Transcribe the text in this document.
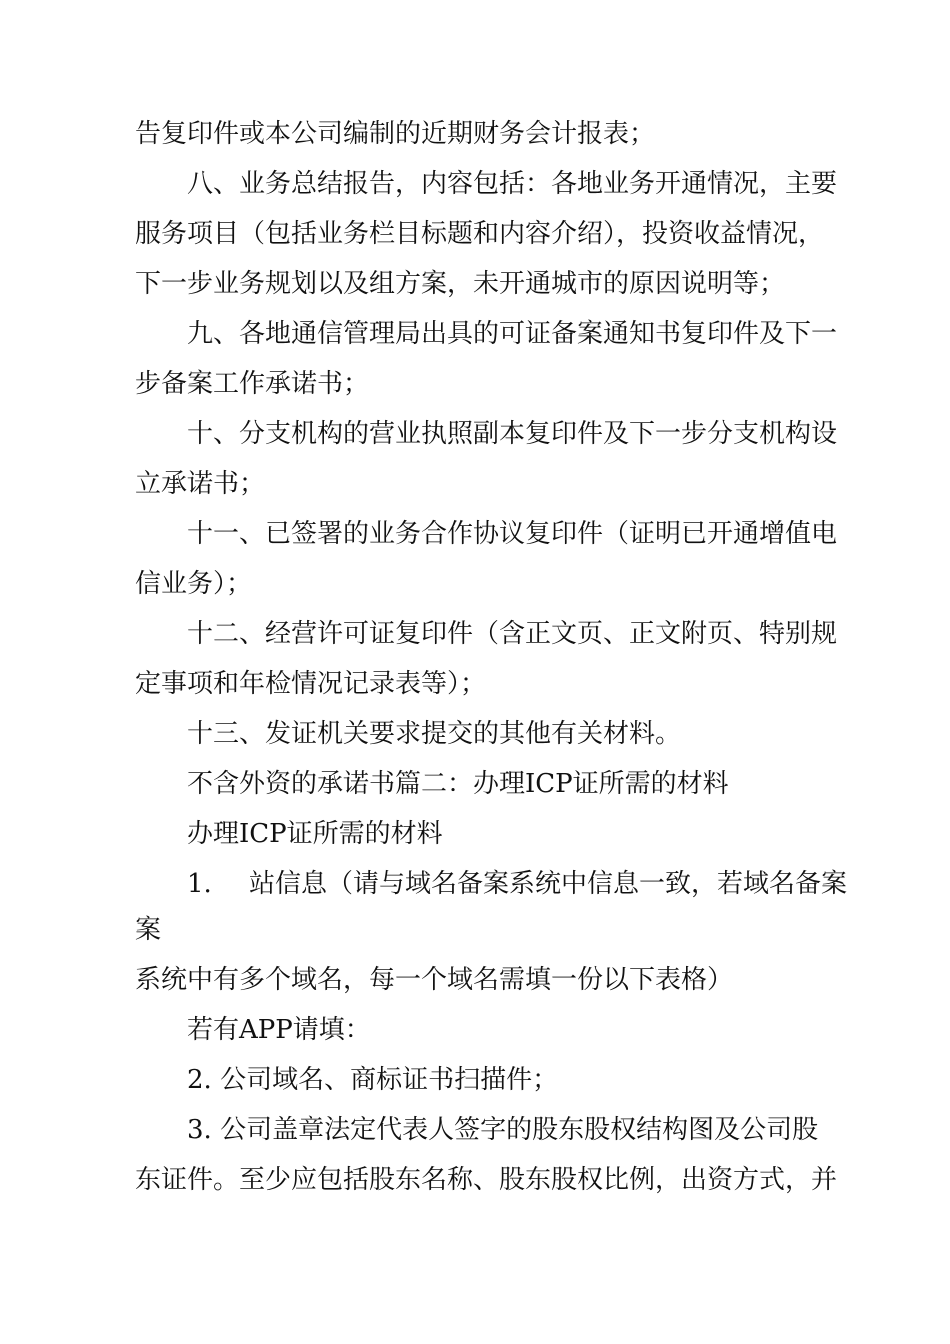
告复印件或本公司编制的近期财务会计报表；
八、业务总结报告，内容包括：各地业务开通情况，主要
服务项目（包括业务栏目标题和内容介绍），投资收益情况，
下一步业务规划以及组方案，未开通城市的原因说明等；
九、各地通信管理局出具的可证备案通知书复印件及下一
步备案工作承诺书；
十、分支机构的营业执照副本复印件及下一步分支机构设
立承诺书；
十一、已签署的业务合作协议复印件（证明已开通增值电
信业务）；
十二、经营许可证复印件（含正文页、正文附页、特别规
定事项和年检情况记录表等）；
十三、发证机关要求提交的其他有关材料。
不含外资的承诺书篇二：办理ICP证所需的材料
办理ICP证所需的材料
1. 站信息（请与域名备案系统中信息一致，若域名备案
案
系统中有多个域名，每一个域名需填一份以下表格）
若有APP请填：
2. 公司域名、商标证书扫描件；
3. 公司盖章法定代表人签字的股东股权结构图及公司股
东证件。至少应包括股东名称、股东股权比例，出资方式，并
